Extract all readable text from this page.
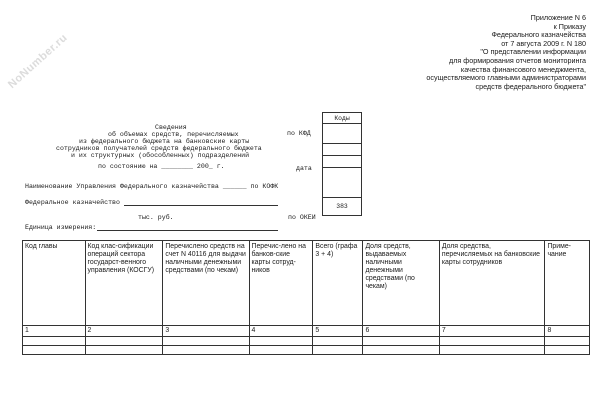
NoNumber.ru
Приложение N 6
к Приказу
Федерального казначейства
от 7 августа 2009 г. N 180
"О представлении информации
для формирования отчетов мониторинга
качества финансового менеджмента,
осуществляемого главными администраторами
средств федерального бюджета"
Сведения
об объемах средств, перечисляемых
из федерального бюджета на банковские карты
сотрудников получателей средств федерального бюджета
и их структурных (обособленных) подразделений
по состоянию на ________ 200_ г.
Коды
383
по КФД
дата
Наименование Управления Федерального казначейства ______ по КОФК
Федеральное казначейство
тыс. руб.	по ОКЕИ
Единица измерения:
Код главы	Код клас-сификации операций сектора государст-венного управления (КОСГУ)	Перечислено средств на счет N 40116 для выдачи наличными денежными средствами (по чекам)	Перечис-лено на банков-ские карты сотруд-ников	Всего (графа 3 + 4)	Доля средств, выдаваемых наличными денежными средствами (по чекам)	Доля средства, перечисляемых на банковские карты сотрудников	Приме-чание
1	2	3	4	5	6	7	8
